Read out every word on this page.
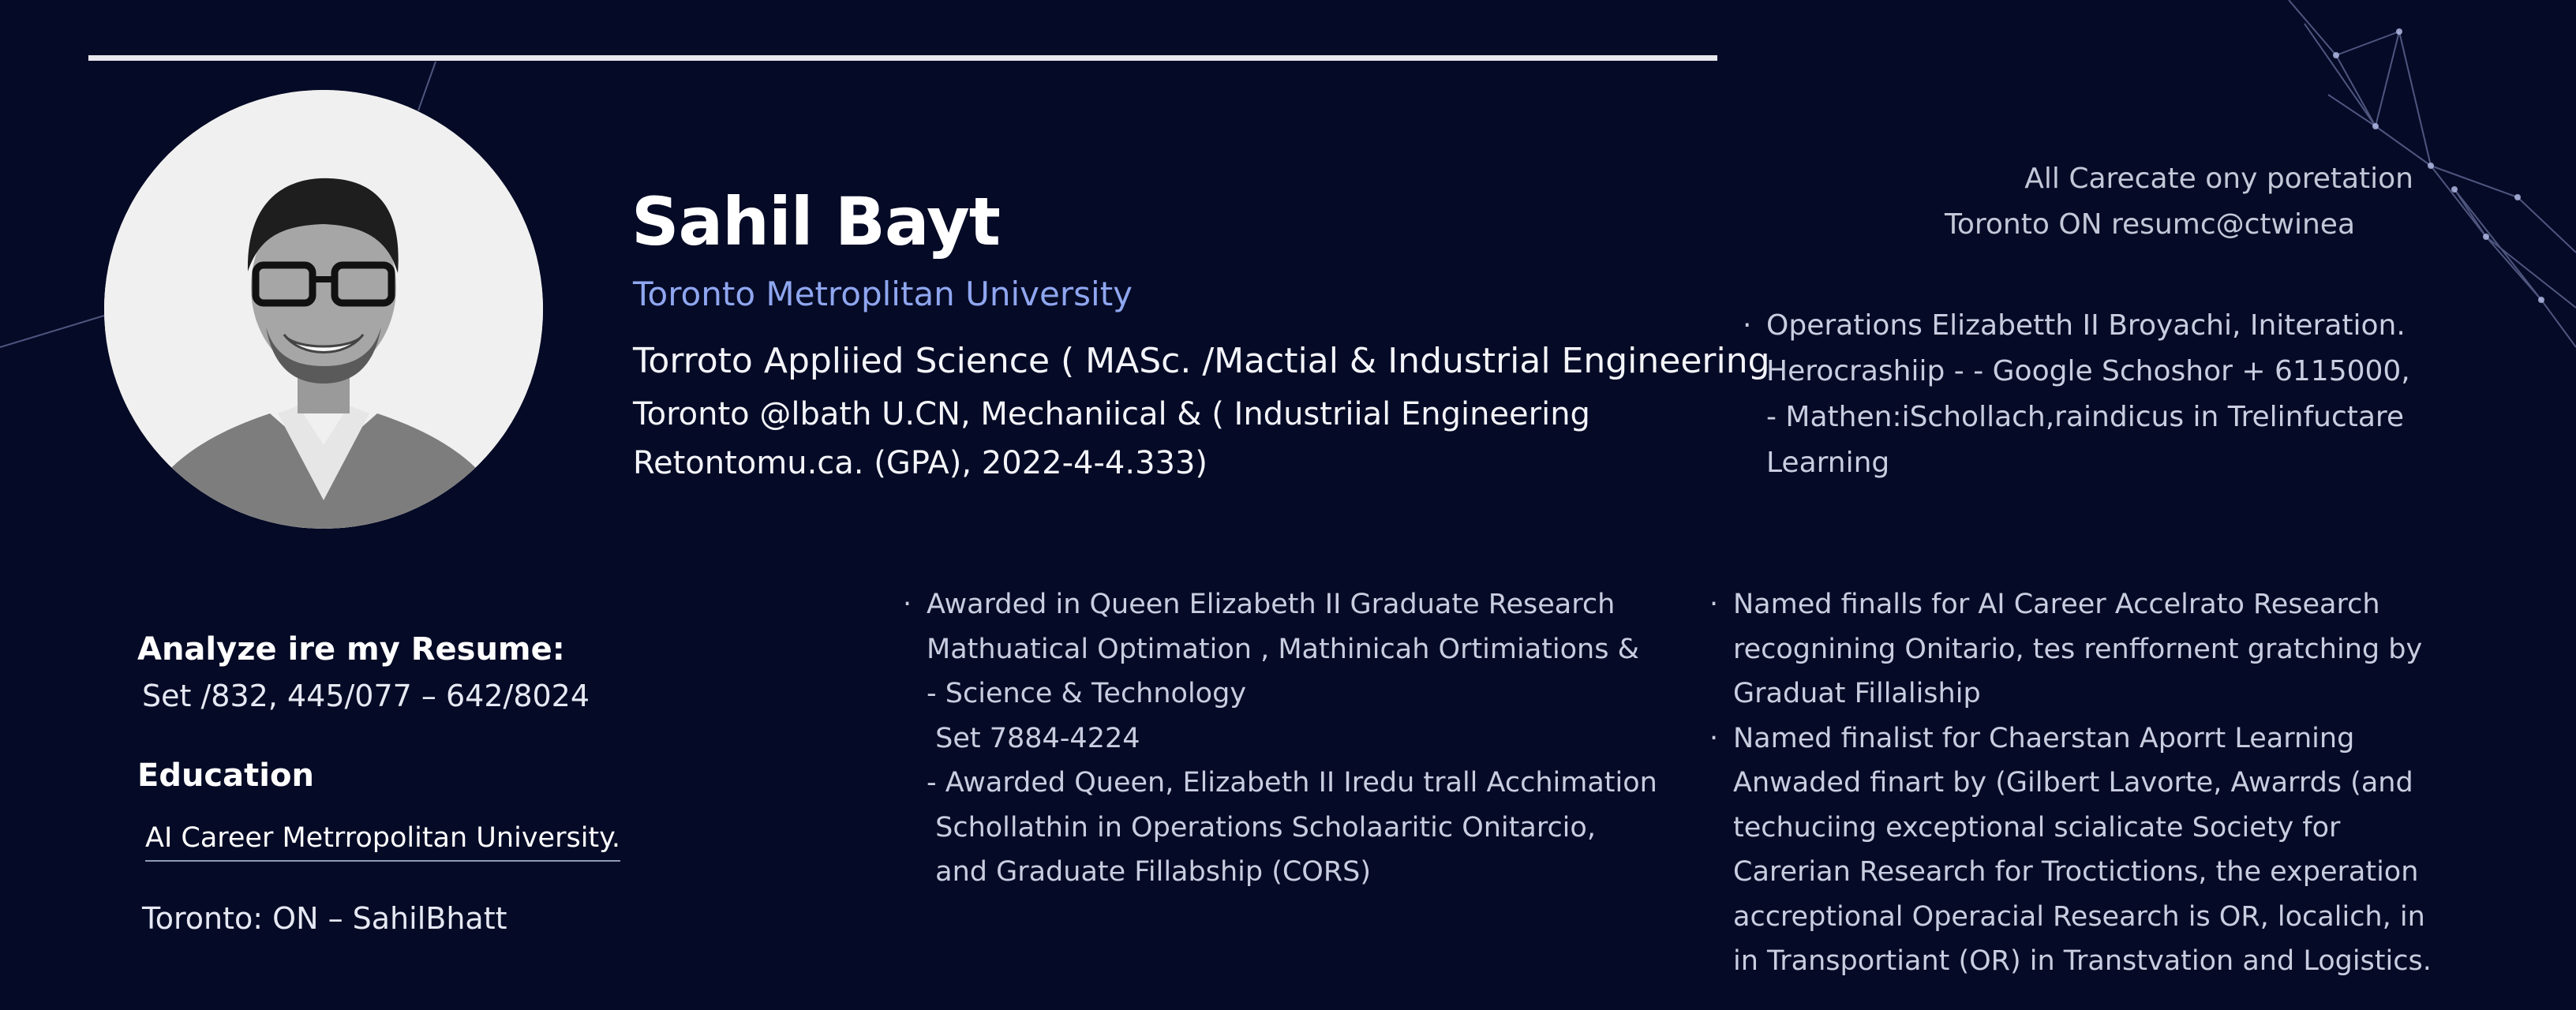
Sahil Bayt
Toronto Metroplitan University
Torroto Appliied Science ( MASc. /Mactial & Industrial Engineering
Toronto @lbath U.CN, Mechaniical & ( Industriial Engineering
Retontomu.ca. (GPA), 2022-4-4.333)
All Carecate ony poretation
Toronto ON resumc@ctwinea
· Operations Elizabetth II Broyachi, Initeration.
Herocrashiip - - Google Schoshor + 6115000,
- Mathen:iSchollach,raindicus in Trelinfuctare
Learning
Analyze ire my Resume:
Set /832, 445/077 – 642/8024
Education
AI Career Metrropolitan University.
Toronto: ON – SahilBhatt
· Awarded in Queen Elizabeth II Graduate Research
Mathuatical Optimation , Mathinicah Ortimiations &
- Science & Technology
Set 7884-4224
- Awarded Queen, Elizabeth II Iredu trall Acchimation
Schollathin in Operations Scholaaritic Onitarcio,
and Graduate Fillabship (CORS)
· Named finalls for AI Career Accelrato Research
recognining Onitario, tes renffornent gratching by
Graduat Fillaliship
· Named finalist for Chaerstan Aporrt Learning
Anwaded finart by (Gilbert Lavorte, Awarrds (and
techuciing exceptional scialicate Society for
Carerian Research for Troctictions, the experation
accreptional Operacial Research is OR, localich, in
in Transportiant (OR) in Transtvation and Logistics.
